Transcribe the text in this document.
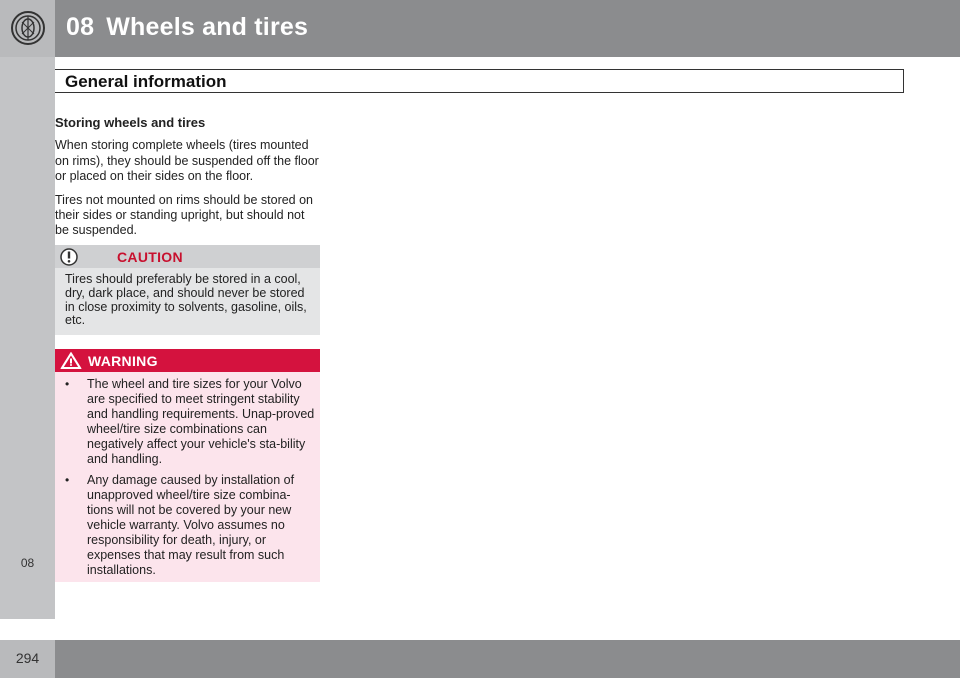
08 Wheels and tires
08
General information

Storing wheels and tires

When storing complete wheels (tires mounted on rims), they should be suspended off the floor or placed on their sides on the floor.

Tires not mounted on rims should be stored on their sides or standing upright, but should not be suspended.

CAUTION
Tires should preferably be stored in a cool, dry, dark place, and should never be stored in close proximity to solvents, gasoline, oils, etc.
WARNING
•	The wheel and tire sizes for your Volvo are specified to meet stringent stability and handling requirements. Unap-proved wheel/tire size combinations can negatively affect your vehicle's sta-bility and handling.
•	Any damage caused by installation of unapproved wheel/tire size combina-tions will not be covered by your new vehicle warranty. Volvo assumes no responsibility for death, injury, or expenses that may result from such installations.
294
